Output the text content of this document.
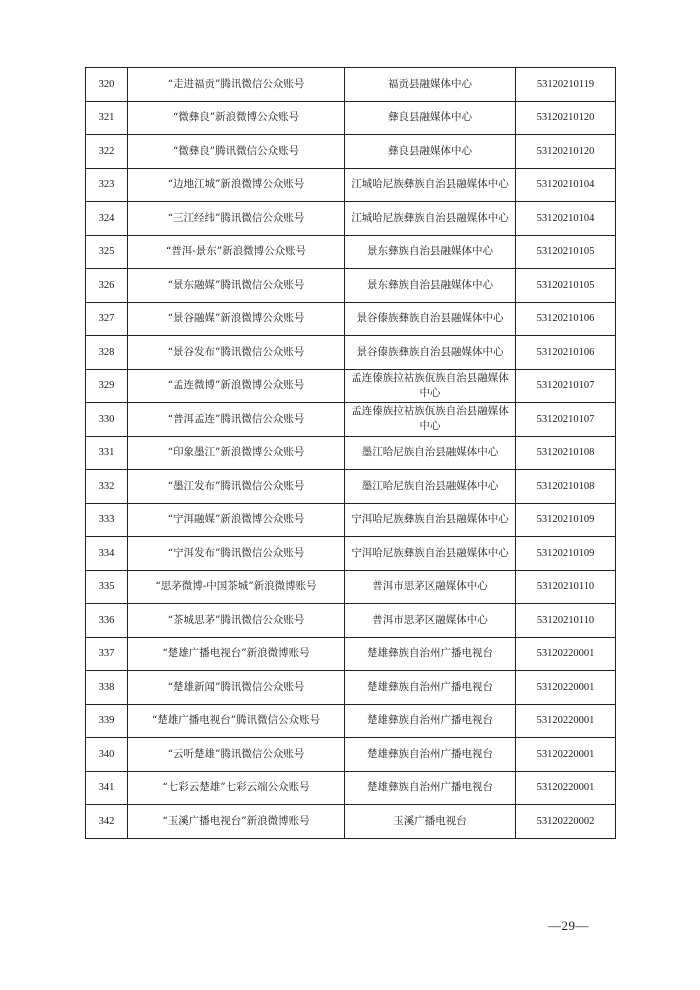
320	“走进福贡”腾讯微信公众账号	福贡县融媒体中心	53120210119
321	“微彝良”新浪微博公众账号	彝良县融媒体中心	53120210120
322	“微彝良”腾讯微信公众账号	彝良县融媒体中心	53120210120
323	“边地江城”新浪微博公众账号	江城哈尼族彝族自治县融媒体中心	53120210104
324	“三江经纬”腾讯微信公众账号	江城哈尼族彝族自治县融媒体中心	53120210104
325	“普洱-景东”新浪微博公众账号	景东彝族自治县融媒体中心	53120210105
326	“景东融媒”腾讯微信公众账号	景东彝族自治县融媒体中心	53120210105
327	“景谷融媒”新浪微博公众账号	景谷傣族彝族自治县融媒体中心	53120210106
328	“景谷发布”腾讯微信公众账号	景谷傣族彝族自治县融媒体中心	53120210106
329	“孟连微博”新浪微博公众账号	孟连傣族拉祜族佤族自治县融媒体中心	53120210107
330	“普洱孟连”腾讯微信公众账号	孟连傣族拉祜族佤族自治县融媒体中心	53120210107
331	“印象墨江”新浪微博公众账号	墨江哈尼族自治县融媒体中心	53120210108
332	“墨江发布”腾讯微信公众账号	墨江哈尼族自治县融媒体中心	53120210108
333	“宁洱融媒”新浪微博公众账号	宁洱哈尼族彝族自治县融媒体中心	53120210109
334	“宁洱发布”腾讯微信公众账号	宁洱哈尼族彝族自治县融媒体中心	53120210109
335	“思茅微博-中国茶城”新浪微博账号	普洱市思茅区融媒体中心	53120210110
336	“茶城思茅”腾讯微信公众账号	普洱市思茅区融媒体中心	53120210110
337	“楚雄广播电视台”新浪微博账号	楚雄彝族自治州广播电视台	53120220001
338	“楚雄新闻”腾讯微信公众账号	楚雄彝族自治州广播电视台	53120220001
339	“楚雄广播电视台”腾讯微信公众账号	楚雄彝族自治州广播电视台	53120220001
340	“云听楚雄”腾讯微信公众账号	楚雄彝族自治州广播电视台	53120220001
341	“七彩云楚雄”七彩云端公众账号	楚雄彝族自治州广播电视台	53120220001
342	“玉溪广播电视台”新浪微博账号	玉溪广播电视台	53120220002
—29—
